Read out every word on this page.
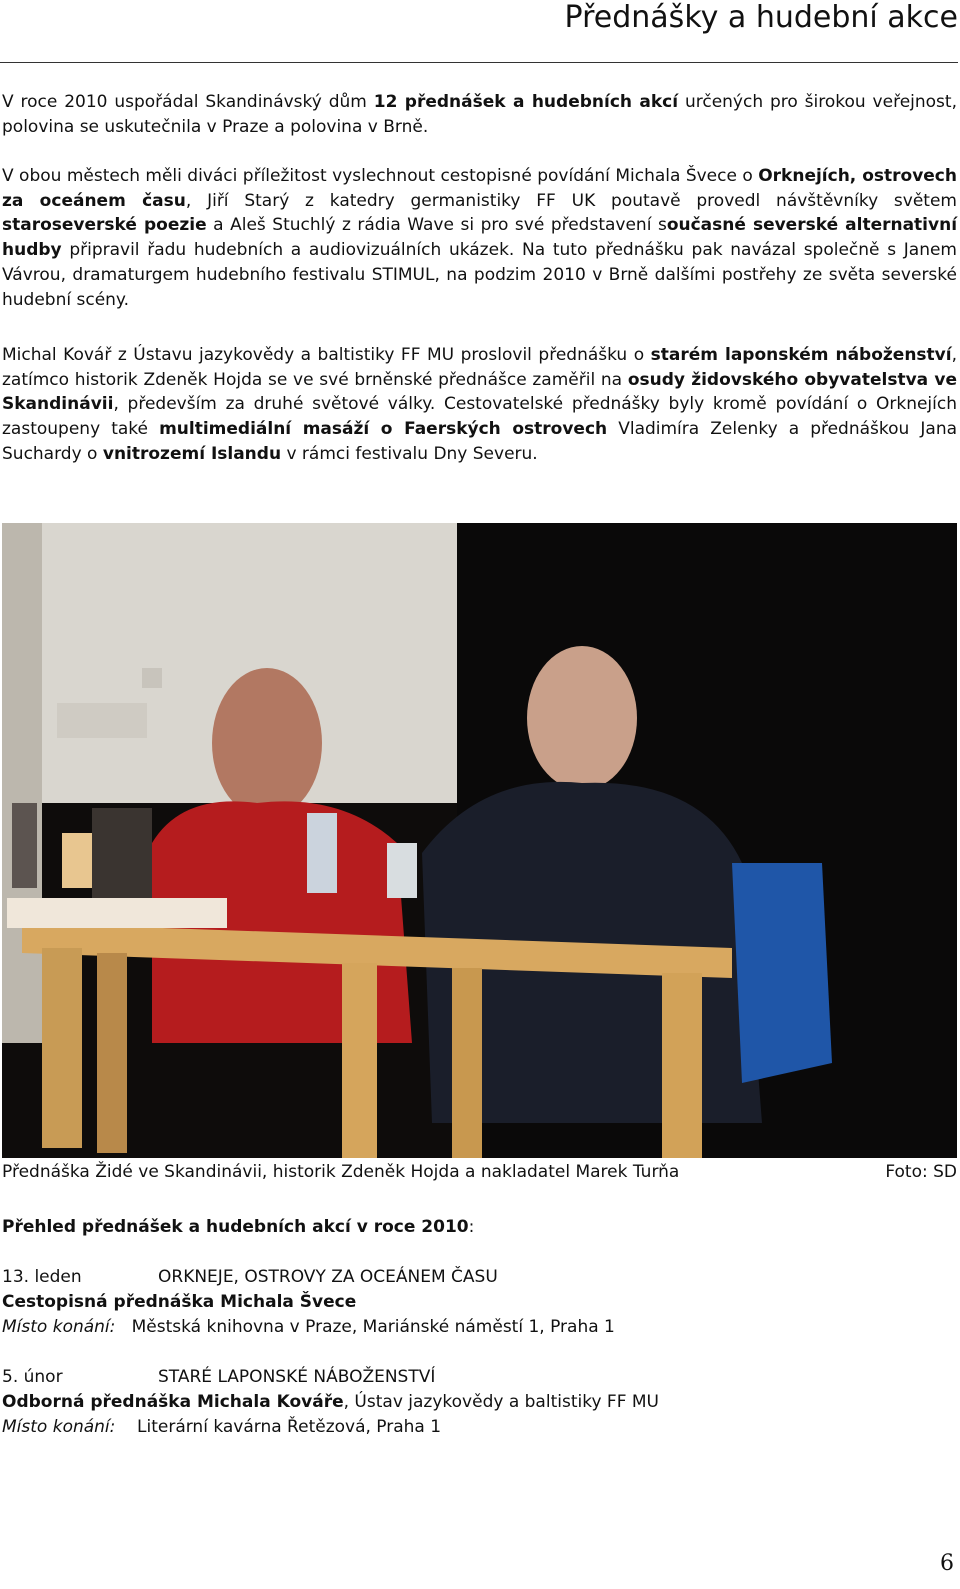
Přednášky a hudební akce

V roce 2010 uspořádal Skandinávský dům 12 přednášek a hudebních akcí určených pro širokou veřejnost, polovina se uskutečnila v Praze a polovina v Brně.

V obou městech měli diváci příležitost vyslechnout cestopisné povídání Michala Švece o Orknejích, ostrovech za oceánem času, Jiří Starý z katedry germanistiky FF UK poutavě provedl návštěvníky světem staroseverské poezie a Aleš Stuchlý z rádia Wave si pro své představení současné severské alternativní hudby připravil řadu hudebních a audiovizuálních ukázek. Na tuto přednášku pak navázal společně s Janem Vávrou, dramaturgem hudebního festivalu STIMUL, na podzim 2010 v Brně dalšími postřehy ze světa severské hudební scény.

Michal Kovář z Ústavu jazykovědy a baltistiky FF MU proslovil přednášku o starém laponském náboženství, zatímco historik Zdeněk Hojda se ve své brněnské přednášce zaměřil na osudy židovského obyvatelstva ve Skandinávii, především za druhé světové války. Cestovatelské přednášky byly kromě povídání o Orknejích zastoupeny také multimediální masáží o Faerských ostrovech Vladimíra Zelenky a přednáškou Jana Suchardy o vnitrozemí Islandu v rámci festivalu Dny Severu.

Přednáška Židé ve Skandinávii, historik Zdeněk Hojda a nakladatel Marek Turňa	Foto: SD
Přehled přednášek a hudebních akcí v roce 2010:
13. leden	ORKNEJE, OSTROVY ZA OCEÁNEM ČASU
Cestopisná přednáška Michala Švece
Místo konání: Městská knihovna v Praze, Mariánské náměstí 1, Praha 1
5. únor	STARÉ LAPONSKÉ NÁBOŽENSTVÍ
Odborná přednáška Michala Kováře, Ústav jazykovědy a baltistiky FF MU
Místo konání: Literární kavárna Řetězová, Praha 1
6
